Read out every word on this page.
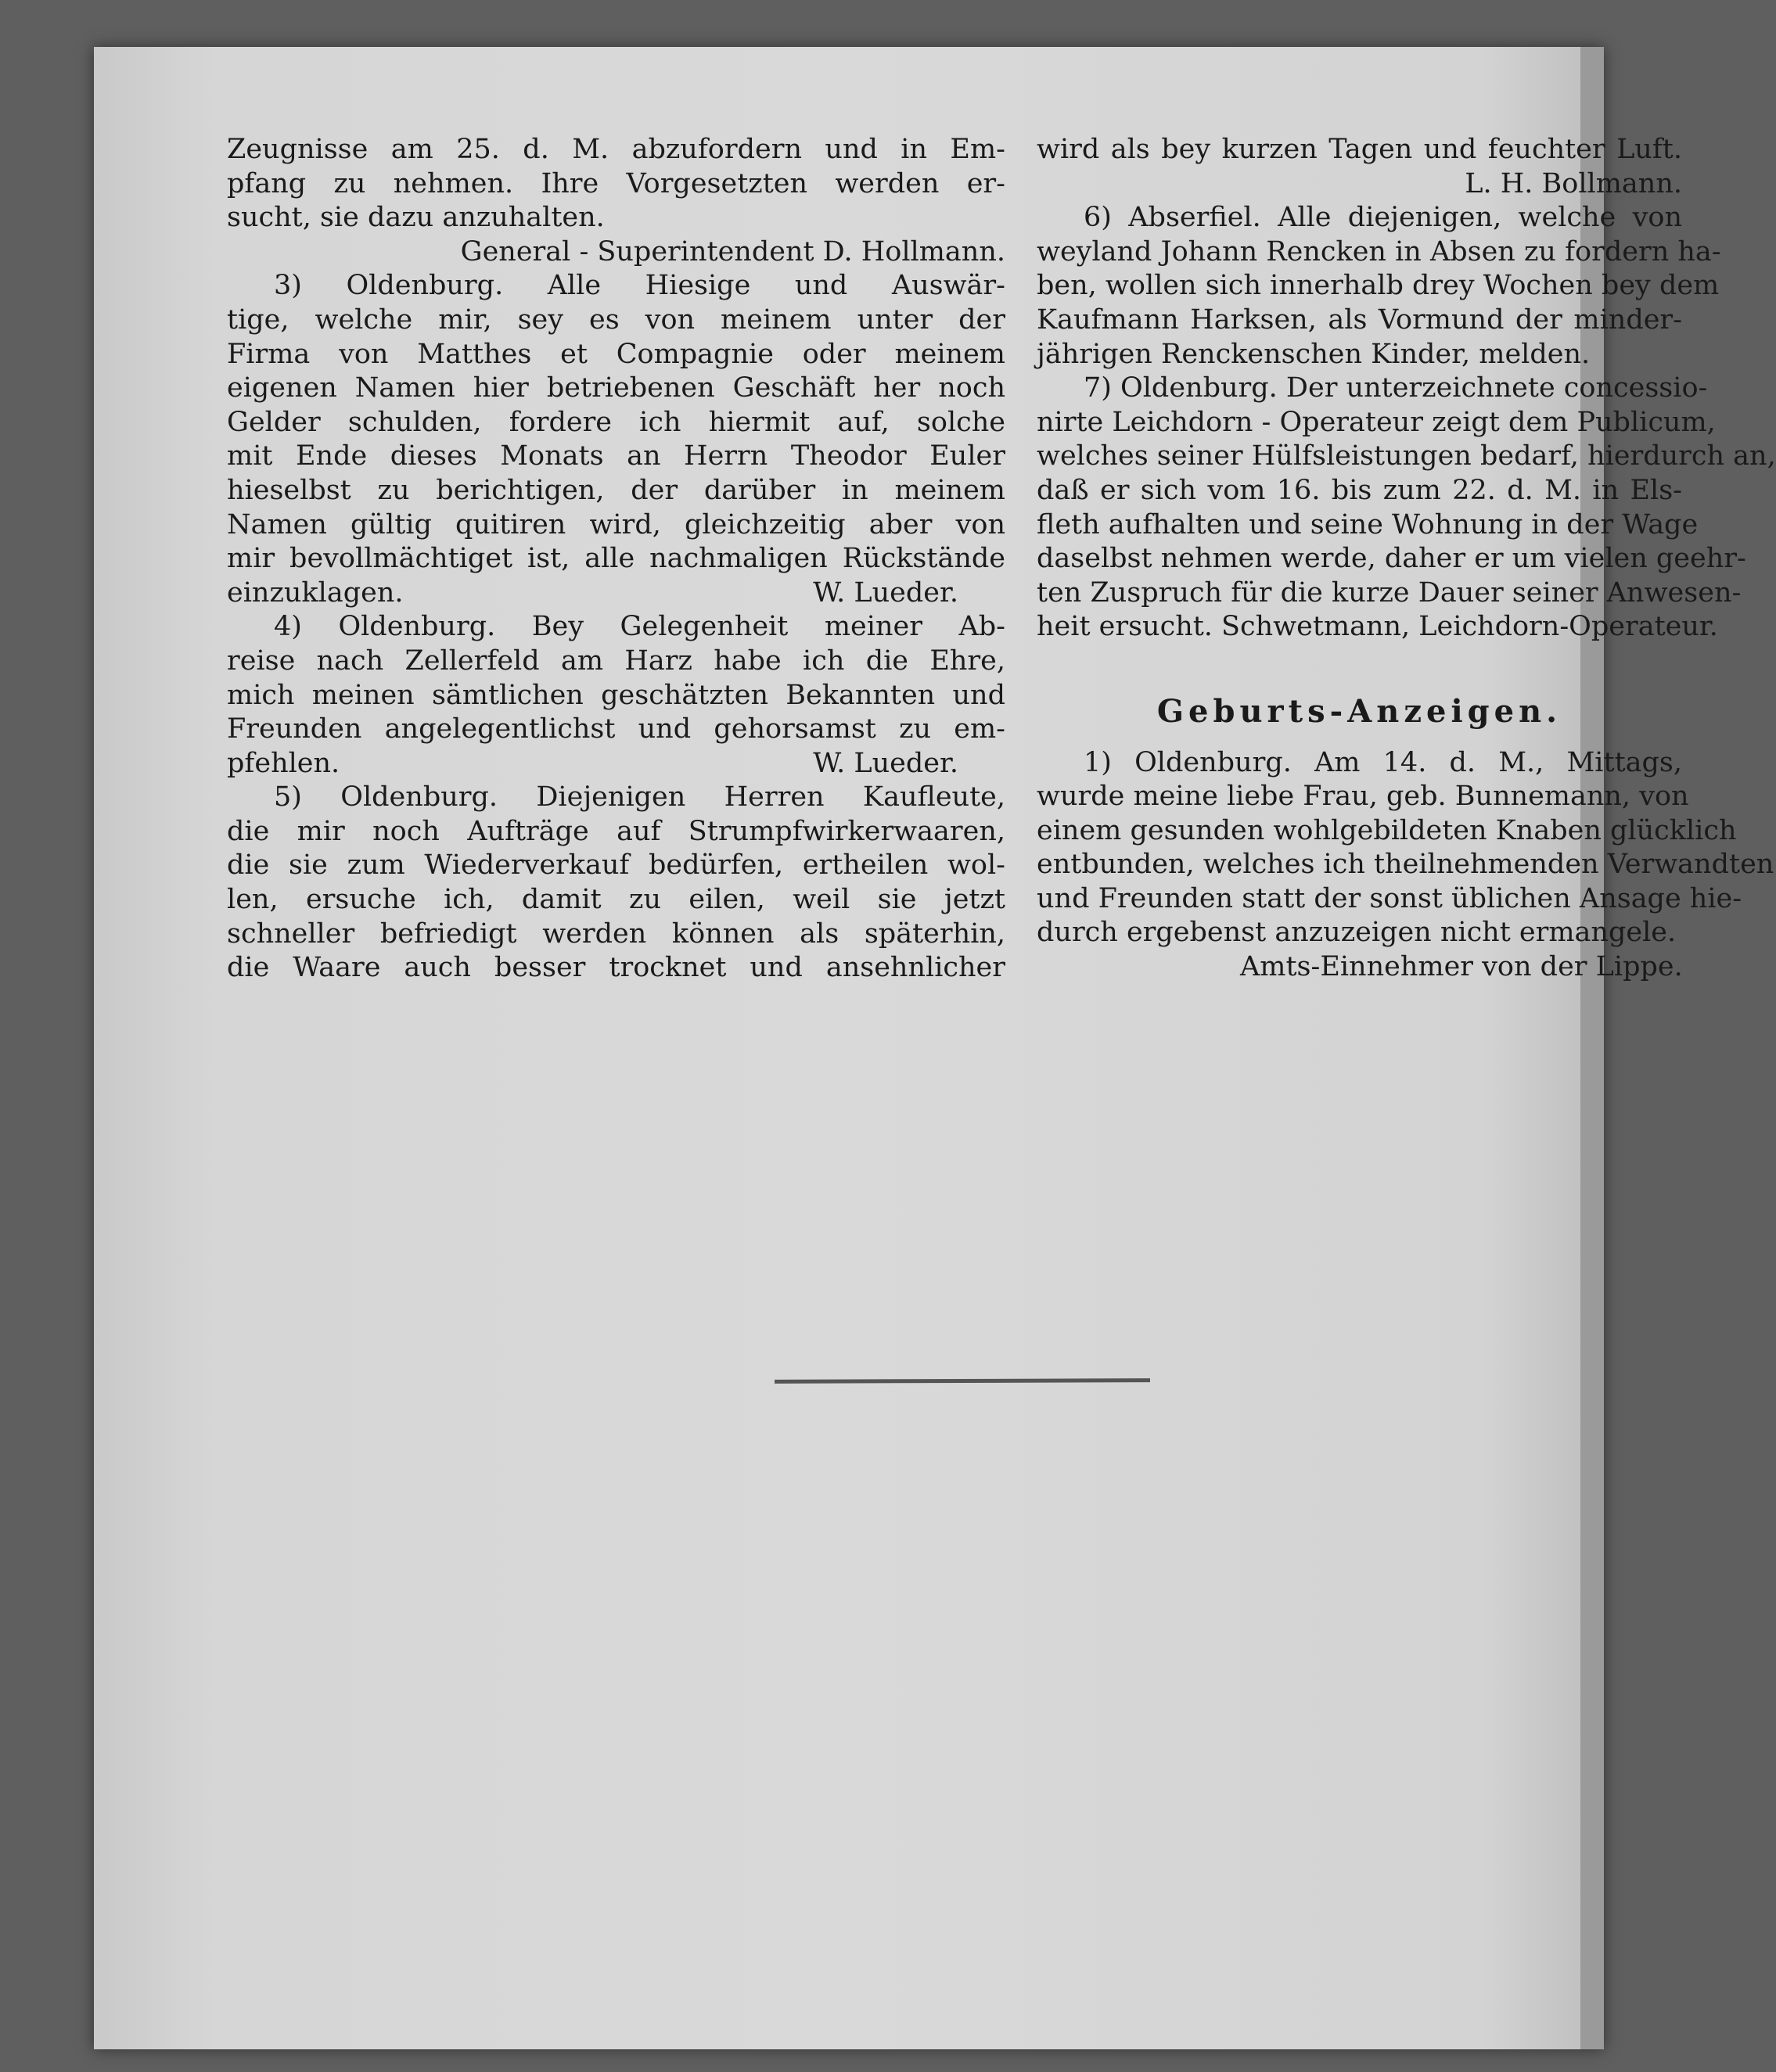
Zeugnisse am 25. d. M. abzufordern und in Em-
pfang zu nehmen. Ihre Vorgesetzten werden er-
sucht, sie dazu anzuhalten.
General - Superintendent D. Hollmann.
3) Oldenburg. Alle Hiesige und Auswär-
tige, welche mir, sey es von meinem unter der
Firma von Matthes et Compagnie oder meinem
eigenen Namen hier betriebenen Geschäft her noch
Gelder schulden, fordere ich hiermit auf, solche
mit Ende dieses Monats an Herrn Theodor Euler
hieselbst zu berichtigen, der darüber in meinem
Namen gültig quitiren wird, gleichzeitig aber von
mir bevollmächtiget ist, alle nachmaligen Rückstände
einzuklagen.	W. Lueder.
4) Oldenburg. Bey Gelegenheit meiner Ab-
reise nach Zellerfeld am Harz habe ich die Ehre,
mich meinen sämtlichen geschätzten Bekannten und
Freunden angelegentlichst und gehorsamst zu em-
pfehlen.	W. Lueder.
5) Oldenburg. Diejenigen Herren Kaufleute,
die mir noch Aufträge auf Strumpfwirkerwaaren,
die sie zum Wiederverkauf bedürfen, ertheilen wol-
len, ersuche ich, damit zu eilen, weil sie jetzt
schneller befriedigt werden können als späterhin,
die Waare auch besser trocknet und ansehnlicher
wird als bey kurzen Tagen und feuchter Luft.
L. H. Bollmann.
6) Abserfiel. Alle diejenigen, welche von
weyland Johann Rencken in Absen zu fordern ha-
ben, wollen sich innerhalb drey Wochen bey dem
Kaufmann Harksen, als Vormund der minder-
jährigen Renckenschen Kinder, melden.
7) Oldenburg. Der unterzeichnete concessio-
nirte Leichdorn - Operateur zeigt dem Publicum,
welches seiner Hülfsleistungen bedarf, hierdurch an,
daß er sich vom 16. bis zum 22. d. M. in Els-
fleth aufhalten und seine Wohnung in der Wage
daselbst nehmen werde, daher er um vielen geehr-
ten Zuspruch für die kurze Dauer seiner Anwesen-
heit ersucht. Schwetmann, Leichdorn-Operateur.
Geburts-Anzeigen.
1) Oldenburg. Am 14. d. M., Mittags,
wurde meine liebe Frau, geb. Bunnemann, von
einem gesunden wohlgebildeten Knaben glücklich
entbunden, welches ich theilnehmenden Verwandten
und Freunden statt der sonst üblichen Ansage hie-
durch ergebenst anzuzeigen nicht ermangele.
Amts-Einnehmer von der Lippe.
